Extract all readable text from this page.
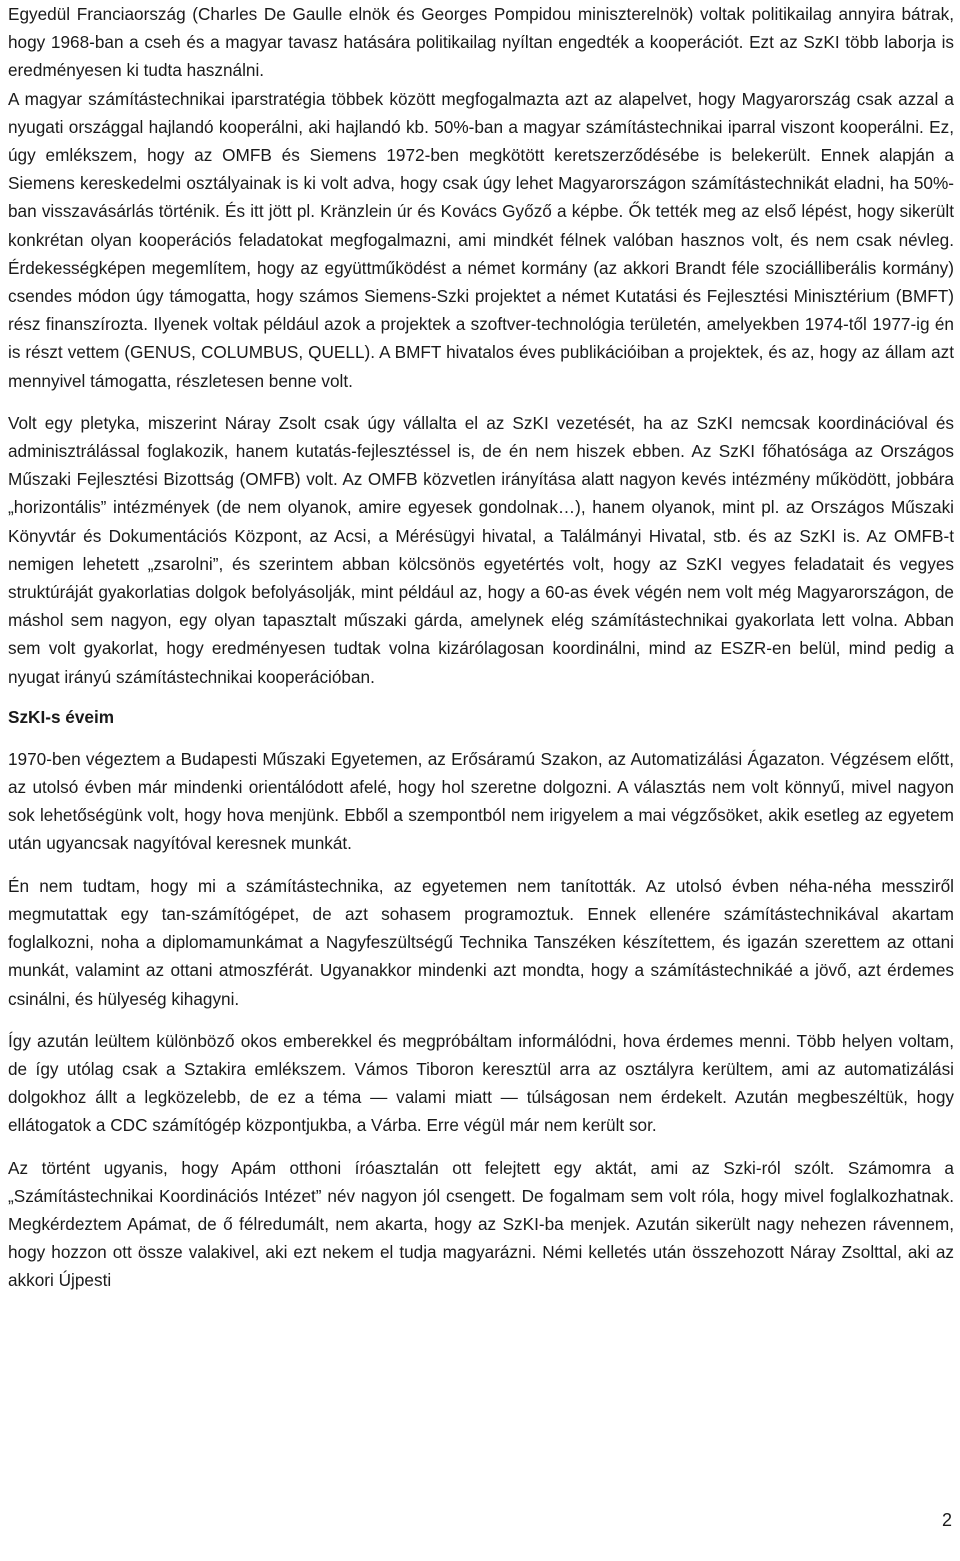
Egyedül Franciaország (Charles De Gaulle elnök és Georges Pompidou miniszterelnök) voltak politikailag annyira bátrak, hogy 1968-ban a cseh és a magyar tavasz hatására politikailag nyíltan engedték a kooperációt. Ezt az SzKI több laborja is eredményesen ki tudta használni.

A magyar számítástechnikai iparstratégia többek között megfogalmazta azt az alapelvet, hogy Magyarország csak azzal a nyugati országgal hajlandó kooperálni, aki hajlandó kb. 50%-ban a magyar számítástechnikai iparral viszont kooperálni. Ez, úgy emlékszem, hogy az OMFB és Siemens 1972-ben megkötött keretszerződésébe is belekerült. Ennek alapján a Siemens kereskedelmi osztályainak is ki volt adva, hogy csak úgy lehet Magyarországon számítástechnikát eladni, ha 50%-ban visszavásárlás történik. És itt jött pl. Kränzlein úr és Kovács Győző a képbe. Ők tették meg az első lépést, hogy sikerült konkrétan olyan kooperációs feladatokat megfogalmazni, ami mindkét félnek valóban hasznos volt, és nem csak névleg. Érdekességképen megemlítem, hogy az együttműködést a német kormány (az akkori Brandt féle szociálliberális kormány) csendes módon úgy támogatta, hogy számos Siemens-Szki projektet a német Kutatási és Fejlesztési Minisztérium (BMFT) rész finanszírozta. Ilyenek voltak például azok a projektek a szoftver-technológia területén, amelyekben 1974-től 1977-ig én is részt vettem (GENUS, COLUMBUS, QUELL). A BMFT hivatalos éves publikációiban a projektek, és az, hogy az állam azt mennyivel támogatta, részletesen benne volt.

Volt egy pletyka, miszerint Náray Zsolt csak úgy vállalta el az SzKI vezetését, ha az SzKI nemcsak koordinációval és adminisztrálással foglakozik, hanem kutatás-fejlesztéssel is, de én nem hiszek ebben. Az SzKI főhatósága az Országos Műszaki Fejlesztési Bizottság (OMFB) volt. Az OMFB közvetlen irányítása alatt nagyon kevés intézmény működött, jobbára „horizontális” intézmények (de nem olyanok, amire egyesek gondolnak…), hanem olyanok, mint pl. az Országos Műszaki Könyvtár és Dokumentációs Központ, az Acsi, a Mérésügyi hivatal, a Találmányi Hivatal, stb. és az SzKI is. Az OMFB-t nemigen lehetett „zsarolni”, és szerintem abban kölcsönös egyetértés volt, hogy az SzKI vegyes feladatait és vegyes struktúráját gyakorlatias dolgok befolyásolják, mint például az, hogy a 60-as évek végén nem volt még Magyarországon, de máshol sem nagyon, egy olyan tapasztalt műszaki gárda, amelynek elég számítástechnikai gyakorlata lett volna. Abban sem volt gyakorlat, hogy eredményesen tudtak volna kizárólagosan koordinálni, mind az ESZR-en belül, mind pedig a nyugat irányú számítástechnikai kooperációban.

SzKI-s éveim

1970-ben végeztem a Budapesti Műszaki Egyetemen, az Erősáramú Szakon, az Automatizálási Ágazaton. Végzésem előtt, az utolsó évben már mindenki orientálódott afelé, hogy hol szeretne dolgozni. A választás nem volt könnyű, mivel nagyon sok lehetőségünk volt, hogy hova menjünk. Ebből a szempontból nem irigyelem a mai végzősöket, akik esetleg az egyetem után ugyancsak nagyítóval keresnek munkát.

Én nem tudtam, hogy mi a számítástechnika, az egyetemen nem tanították. Az utolsó évben néha-néha messziről megmutattak egy tan-számítógépet, de azt sohasem programoztuk. Ennek ellenére számítástechnikával akartam foglalkozni, noha a diplomamunkámat a Nagyfeszültségű Technika Tanszéken készítettem, és igazán szerettem az ottani munkát, valamint az ottani atmoszférát. Ugyanakkor mindenki azt mondta, hogy a számítástechnikáé a jövő, azt érdemes csinálni, és hülyeség kihagyni.

Így azután leültem különböző okos emberekkel és megpróbáltam informálódni, hova érdemes menni. Több helyen voltam, de így utólag csak a Sztakira emlékszem. Vámos Tiboron keresztül arra az osztályra kerültem, ami az automatizálási dolgokhoz állt a legközelebb, de ez a téma — valami miatt — túlságosan nem érdekelt. Azután megbeszéltük, hogy ellátogatok a CDC számítógép központjukba, a Várba. Erre végül már nem került sor.

Az történt ugyanis, hogy Apám otthoni íróasztalán ott felejtett egy aktát, ami az Szki-ról szólt. Számomra a „Számítástechnikai Koordinációs Intézet” név nagyon jól csengett. De fogalmam sem volt róla, hogy mivel foglalkozhatnak. Megkérdeztem Apámat, de ő félredumált, nem akarta, hogy az SzKI-ba menjek. Azután sikerült nagy nehezen rávennem, hogy hozzon ott össze valakivel, aki ezt nekem el tudja magyarázni. Némi kelletés után összehozott Náray Zsolttal, aki az akkori Újpesti

2
